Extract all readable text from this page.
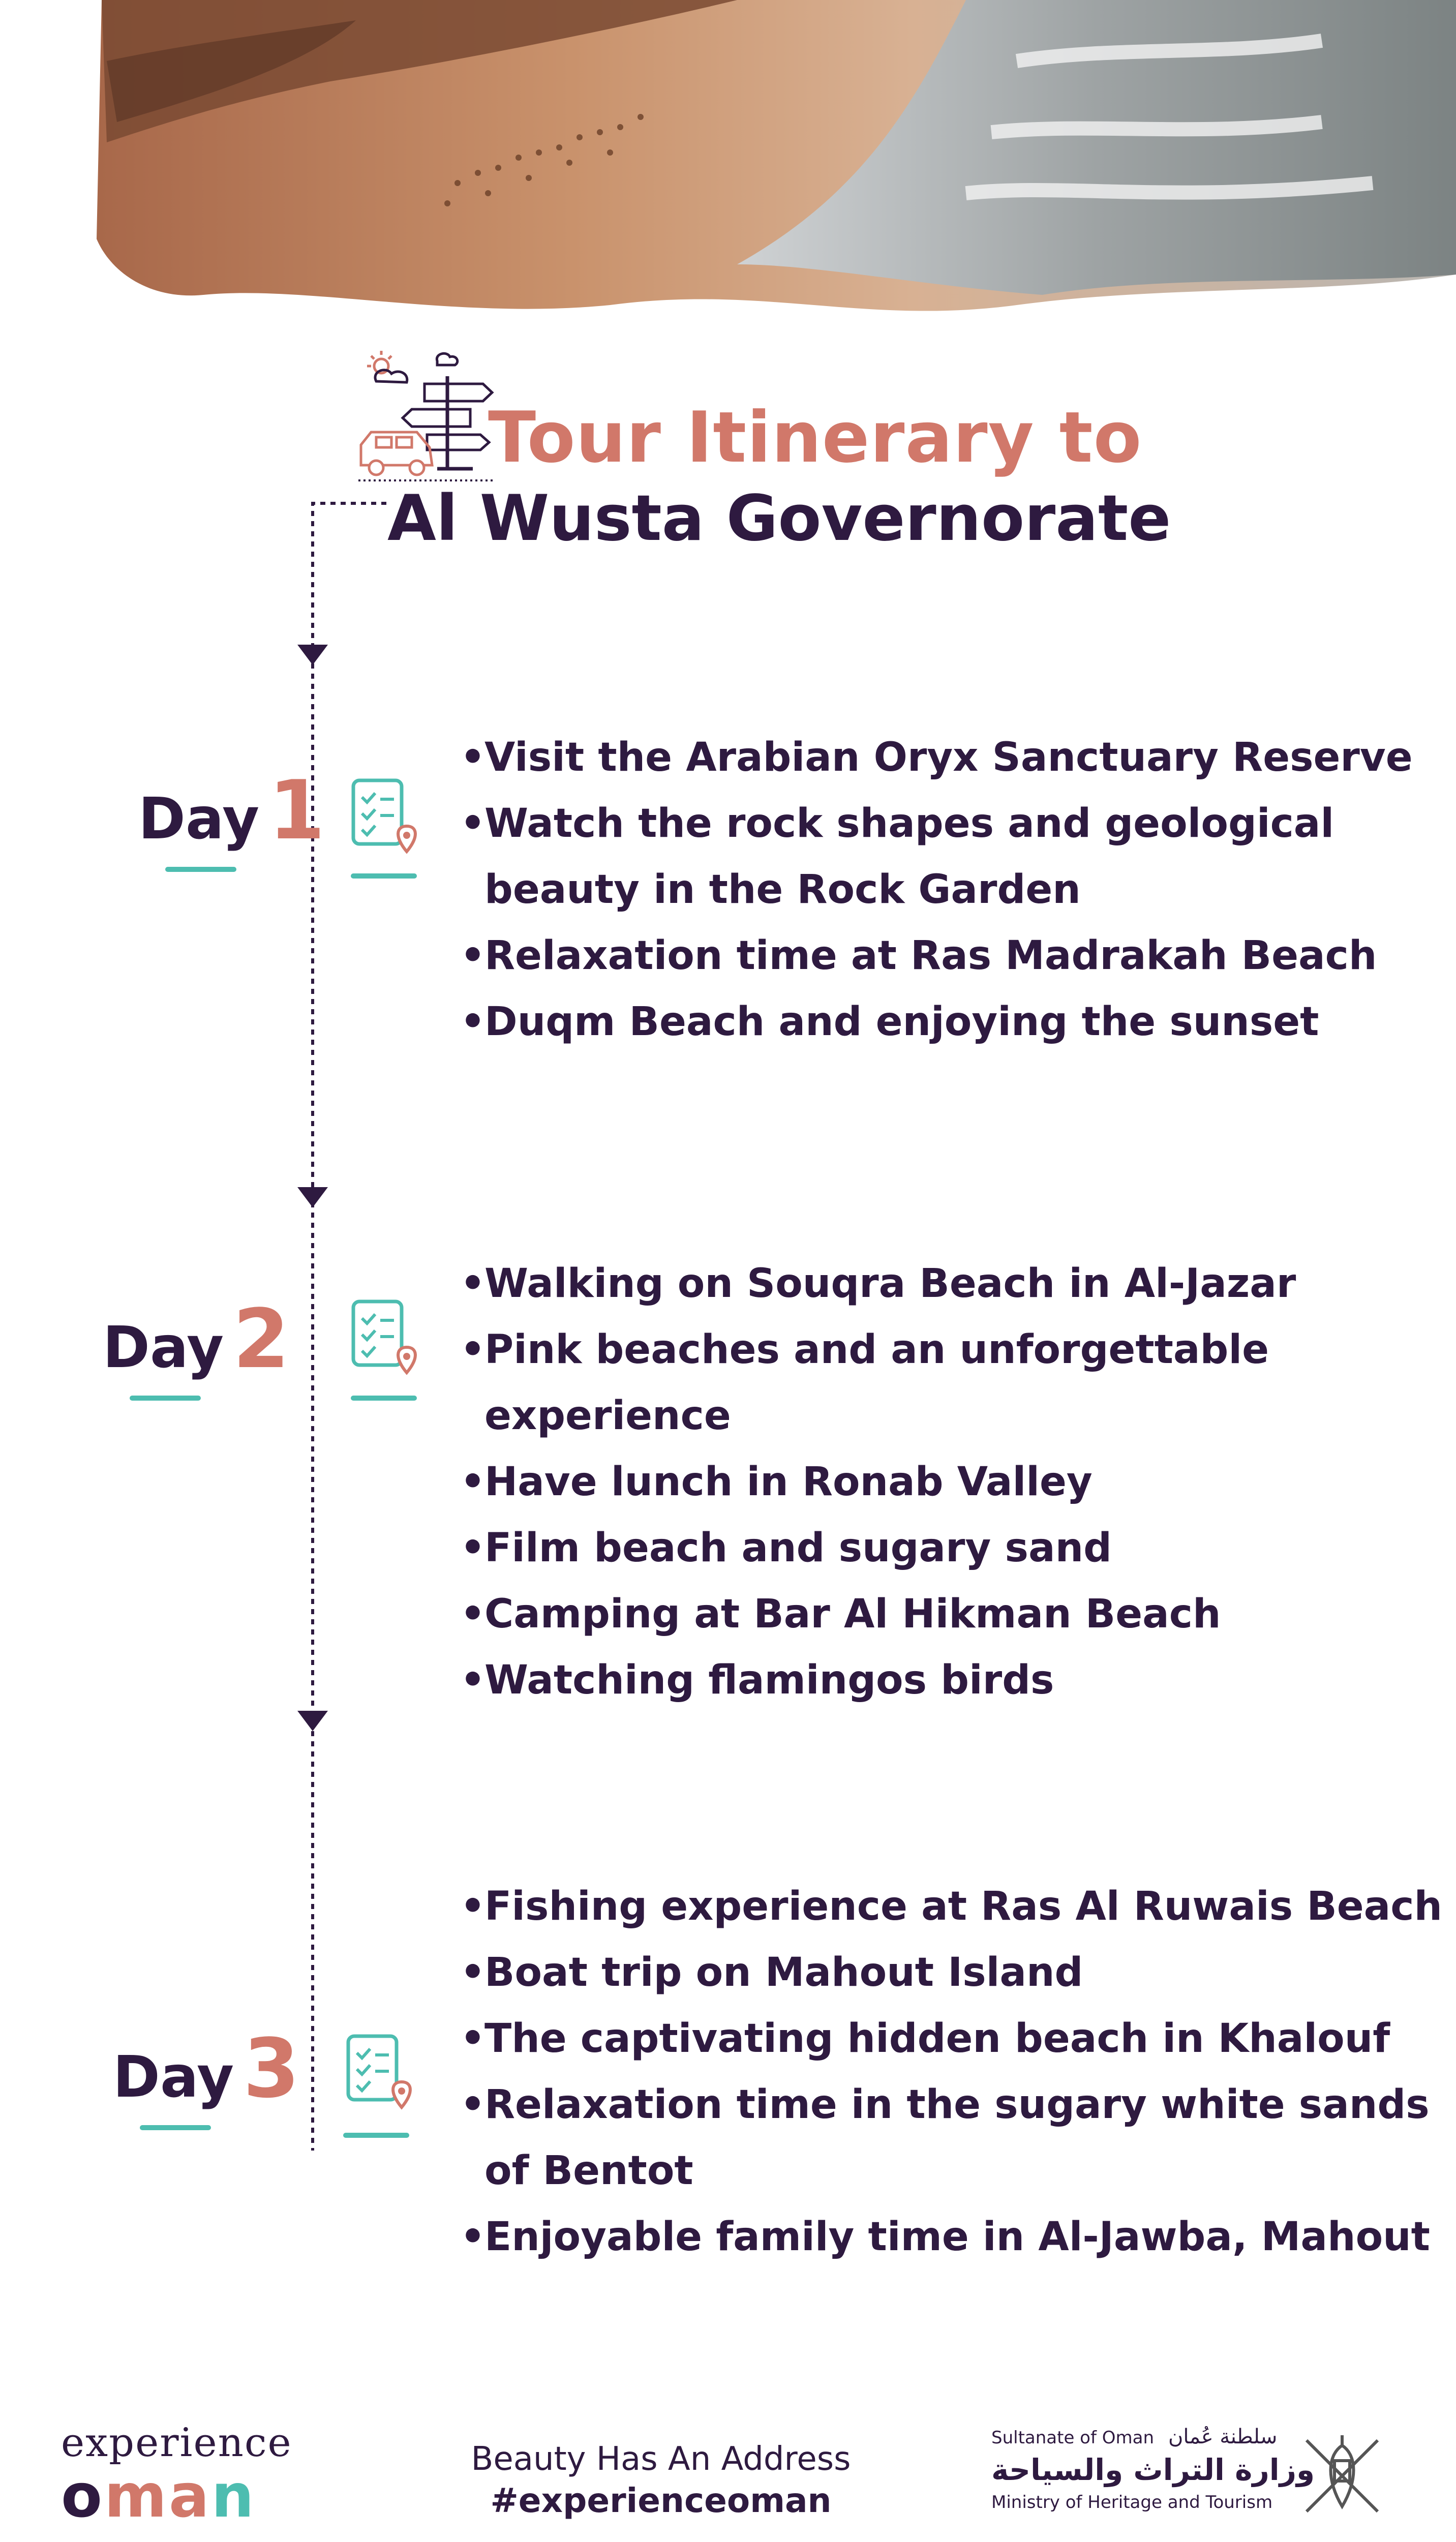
Tour Itinerary to
Al Wusta Governorate
Day 1
• Visit the Arabian Oryx Sanctuary Reserve
• Watch the rock shapes and geological
beauty in the Rock Garden
• Relaxation time at Ras Madrakah Beach
• Duqm Beach and enjoying the sunset
Day 2
• Walking on Souqra Beach in Al-Jazar
• Pink beaches and an unforgettable
experience
• Have lunch in Ronab Valley
• Film beach and sugary sand
• Camping at Bar Al Hikman Beach
• Watching flamingos birds
Day 3
• Fishing experience at Ras Al Ruwais Beach
• Boat trip on Mahout Island
• The captivating hidden beach in Khalouf
• Relaxation time in the sugary white sands
of Bentot
• Enjoyable family time in Al-Jawba, Mahout
experience
oman
Beauty Has An Address
#experienceoman
Sultanate of Oman سلطنة عُمان
وزارة التراث والسياحة
Ministry of Heritage and Tourism
